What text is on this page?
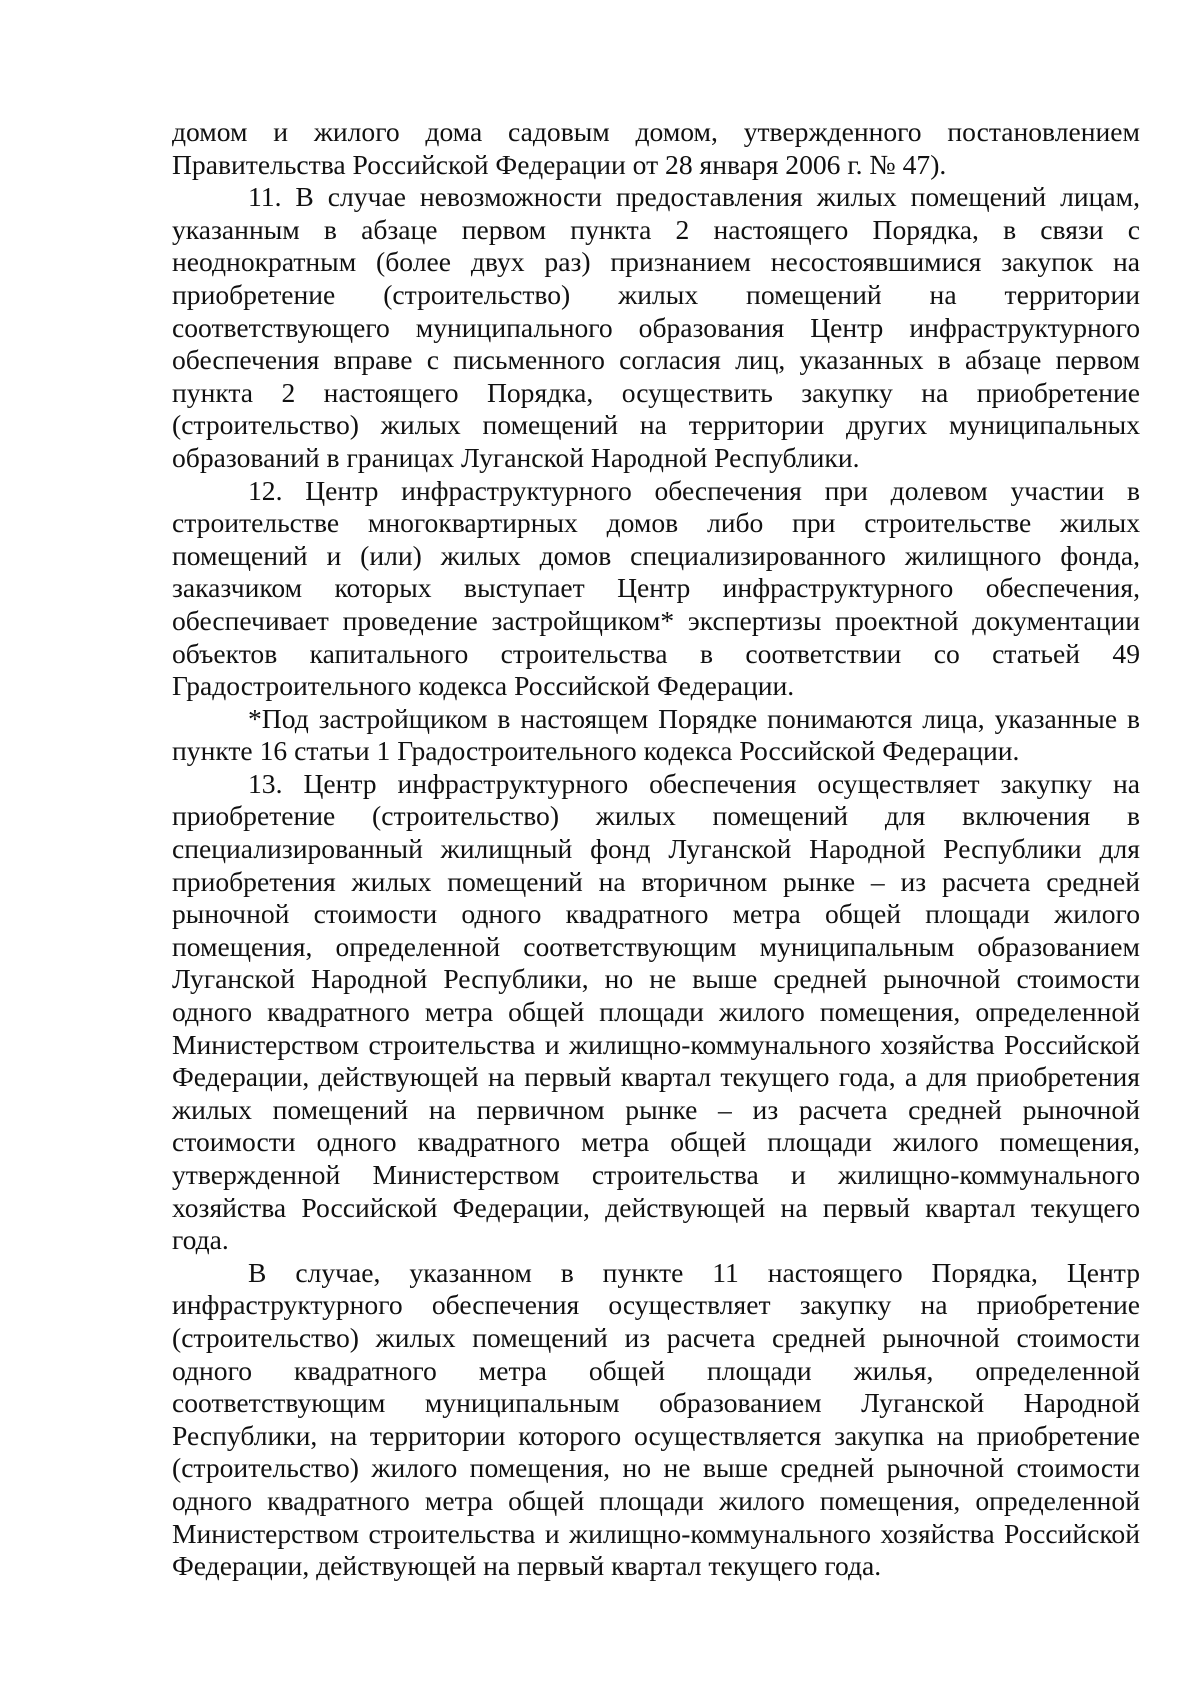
домом и жилого дома садовым домом, утвержденного постановлением Правительства Российской Федерации от 28 января 2006 г. № 47).

11. В случае невозможности предоставления жилых помещений лицам, указанным в абзаце первом пункта 2 настоящего Порядка, в связи с неоднократным (более двух раз) признанием несостоявшимися закупок на приобретение (строительство) жилых помещений на территории соответствующего муниципального образования Центр инфраструктурного обеспечения вправе с письменного согласия лиц, указанных в абзаце первом пункта 2 настоящего Порядка, осуществить закупку на приобретение (строительство) жилых помещений на территории других муниципальных образований в границах Луганской Народной Республики.

12. Центр инфраструктурного обеспечения при долевом участии в строительстве многоквартирных домов либо при строительстве жилых помещений и (или) жилых домов специализированного жилищного фонда, заказчиком которых выступает Центр инфраструктурного обеспечения, обеспечивает проведение застройщиком* экспертизы проектной документации объектов капитального строительства в соответствии со статьей 49 Градостроительного кодекса Российской Федерации.

*Под застройщиком в настоящем Порядке понимаются лица, указанные в пункте 16 статьи 1 Градостроительного кодекса Российской Федерации.

13. Центр инфраструктурного обеспечения осуществляет закупку на приобретение (строительство) жилых помещений для включения в специализированный жилищный фонд Луганской Народной Республики для приобретения жилых помещений на вторичном рынке – из расчета средней рыночной стоимости одного квадратного метра общей площади жилого помещения, определенной соответствующим муниципальным образованием Луганской Народной Республики, но не выше средней рыночной стоимости одного квадратного метра общей площади жилого помещения, определенной Министерством строительства и жилищно-коммунального хозяйства Российской Федерации, действующей на первый квартал текущего года, а для приобретения жилых помещений на первичном рынке – из расчета средней рыночной стоимости одного квадратного метра общей площади жилого помещения, утвержденной Министерством строительства и жилищно-коммунального хозяйства Российской Федерации, действующей на первый квартал текущего года.

В случае, указанном в пункте 11 настоящего Порядка, Центр инфраструктурного обеспечения осуществляет закупку на приобретение (строительство) жилых помещений из расчета средней рыночной стоимости одного квадратного метра общей площади жилья, определенной соответствующим муниципальным образованием Луганской Народной Республики, на территории которого осуществляется закупка на приобретение (строительство) жилого помещения, но не выше средней рыночной стоимости одного квадратного метра общей площади жилого помещения, определенной Министерством строительства и жилищно-коммунального хозяйства Российской Федерации, действующей на первый квартал текущего года.
